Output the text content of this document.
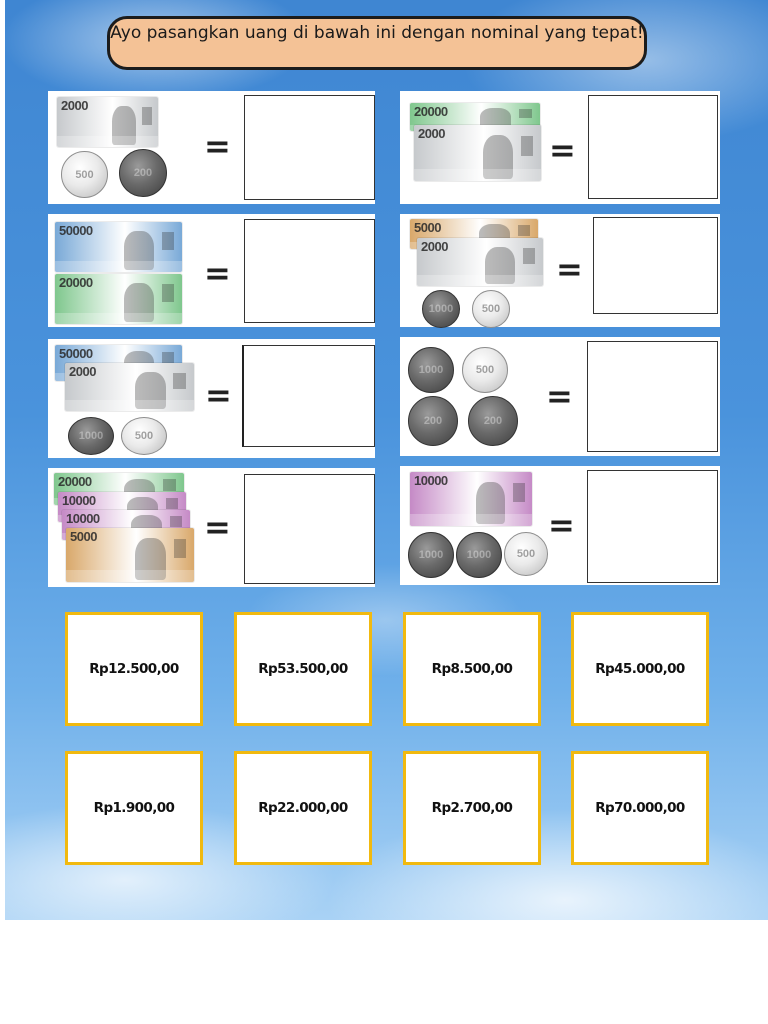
Ayo pasangkan uang di bawah ini dengan nominal yang tepat!
2000
500	200
=
20000
2000	=
50000
20000	=
5000
2000
1000	500
=
50000
2000
1000	500
=
1000	500
200	200
=
20000
10000
10000
5000	=
10000
1000	1000	500
=
Rp12.500,00	Rp53.500,00	Rp8.500,00	Rp45.000,00
Rp1.900,00	Rp22.000,00	Rp2.700,00	Rp70.000,00
